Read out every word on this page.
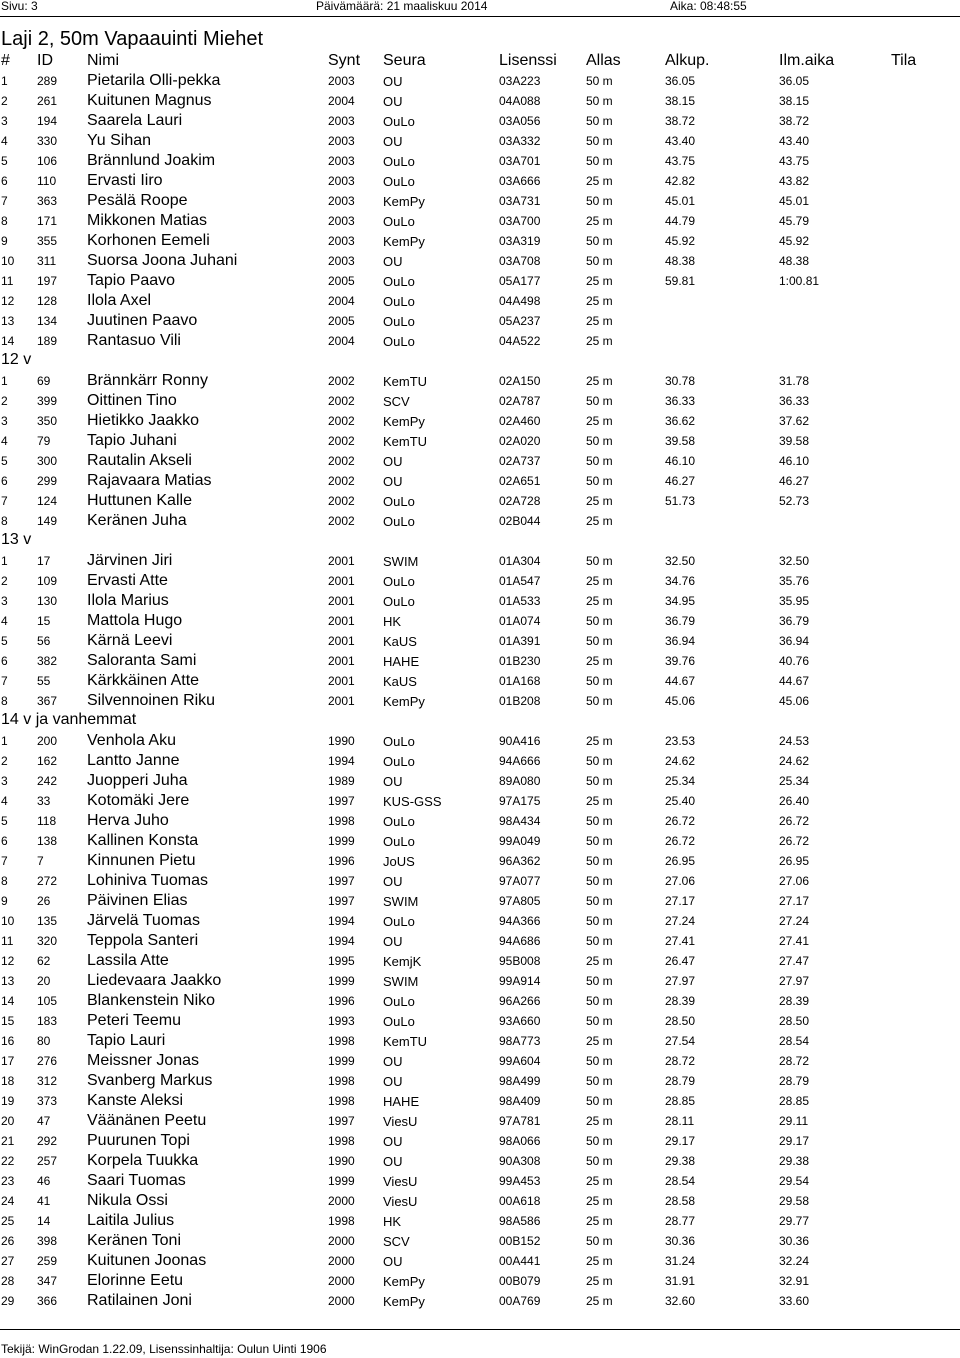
Sivu: 3	Päivämäärä: 21 maaliskuu 2014	Aika: 08:48:55
Laji 2, 50m Vapaauinti Miehet
# ID Nimi	Synt Seura	Lisenssi Allas	Alkup.	Ilm.aika	Tila
1 289 Pietarila Olli-pekka	2003 OU	03A223	50 m	36.05	36.05
2 261 Kuitunen Magnus	2004 OU	04A088	50 m	38.15	38.15
3 194 Saarela Lauri	2003 OuLo	03A056	50 m	38.72	38.72
4 330 Yu Sihan	2003 OU	03A332	50 m	43.40	43.40
5 106 Brännlund Joakim	2003 OuLo	03A701	50 m	43.75	43.75
6 110 Ervasti Iiro	2003 OuLo	03A666	25 m	42.82	43.82
7 363 Pesälä Roope	2003 KemPy	03A731	50 m	45.01	45.01
8 171 Mikkonen Matias	2003 OuLo	03A700	25 m	44.79	45.79
9 355 Korhonen Eemeli	2003 KemPy	03A319	50 m	45.92	45.92
10 311 Suorsa Joona Juhani	2003 OU	03A708	50 m	48.38	48.38
11 197 Tapio Paavo	2005 OuLo	05A177	25 m	59.81	1:00.81
12 128 Ilola Axel	2004 OuLo	04A498	25 m
13 134 Juutinen Paavo	2005 OuLo	05A237	25 m
14 189 Rantasuo Vili	2004 OuLo	04A522	25 m
12 v
1 69 Brännkärr Ronny	2002 KemTU	02A150	25 m	30.78	31.78
2 399 Oittinen Tino	2002 SCV	02A787	50 m	36.33	36.33
3 350 Hietikko Jaakko	2002 KemPy	02A460	25 m	36.62	37.62
4 79 Tapio Juhani	2002 KemTU	02A020	50 m	39.58	39.58
5 300 Rautalin Akseli	2002 OU	02A737	50 m	46.10	46.10
6 299 Rajavaara Matias	2002 OU	02A651	50 m	46.27	46.27
7 124 Huttunen Kalle	2002 OuLo	02A728	25 m	51.73	52.73
8 149 Keränen Juha	2002 OuLo	02B044	25 m
13 v
1 17 Järvinen Jiri	2001 SWIM	01A304	50 m	32.50	32.50
2 109 Ervasti Atte	2001 OuLo	01A547	25 m	34.76	35.76
3 130 Ilola Marius	2001 OuLo	01A533	25 m	34.95	35.95
4 15 Mattola Hugo	2001 HK	01A074	50 m	36.79	36.79
5 56 Kärnä Leevi	2001 KaUS	01A391	50 m	36.94	36.94
6 382 Saloranta Sami	2001 HAHE	01B230	25 m	39.76	40.76
7 55 Kärkkäinen Atte	2001 KaUS	01A168	50 m	44.67	44.67
8 367 Silvennoinen Riku	2001 KemPy	01B208	50 m	45.06	45.06
14 v ja vanhemmat
1 200 Venhola Aku	1990 OuLo	90A416	25 m	23.53	24.53
2 162 Lantto Janne	1994 OuLo	94A666	50 m	24.62	24.62
3 242 Juopperi Juha	1989 OU	89A080	50 m	25.34	25.34
4 33 Kotomäki Jere	1997 KUS-GSS	97A175	25 m	25.40	26.40
5 118 Herva Juho	1998 OuLo	98A434	50 m	26.72	26.72
6 138 Kallinen Konsta	1999 OuLo	99A049	50 m	26.72	26.72
7 7	Kinnunen Pietu	1996 JoUS	96A362	50 m	26.95	26.95
8 272 Lohiniva Tuomas	1997 OU	97A077	50 m	27.06	27.06
9 26 Päivinen Elias	1997 SWIM	97A805	50 m	27.17	27.17
10 135 Järvelä Tuomas	1994 OuLo	94A366	50 m	27.24	27.24
11 320 Teppola Santeri	1994 OU	94A686	50 m	27.41	27.41
12 62 Lassila Atte	1995 KemjK	95B008	25 m	26.47	27.47
13 20 Liedevaara Jaakko	1999 SWIM	99A914	50 m	27.97	27.97
14 105 Blankenstein Niko	1996 OuLo	96A266	50 m	28.39	28.39
15 183 Peteri Teemu	1993 OuLo	93A660	50 m	28.50	28.50
16 80 Tapio Lauri	1998 KemTU	98A773	25 m	27.54	28.54
17 276 Meissner Jonas	1999 OU	99A604	50 m	28.72	28.72
18 312 Svanberg Markus	1998 OU	98A499	50 m	28.79	28.79
19 373 Kanste Aleksi	1998 HAHE	98A409	50 m	28.85	28.85
20 47 Väänänen Peetu	1997 ViesU	97A781	25 m	28.11	29.11
21 292 Puurunen Topi	1998 OU	98A066	50 m	29.17	29.17
22 257 Korpela Tuukka	1990 OU	90A308	50 m	29.38	29.38
23 46 Saari Tuomas	1999 ViesU	99A453	25 m	28.54	29.54
24 41 Nikula Ossi	2000 ViesU	00A618	25 m	28.58	29.58
25 14 Laitila Julius	1998 HK	98A586	25 m	28.77	29.77
26 398 Keränen Toni	2000 SCV	00B152	50 m	30.36	30.36
27 259 Kuitunen Joonas	2000 OU	00A441	25 m	31.24	32.24
28 347 Elorinne Eetu	2000 KemPy	00B079	25 m	31.91	32.91
29 366 Ratilainen Joni	2000 KemPy	00A769	25 m	32.60	33.60
Tekijä: WinGrodan 1.22.09, Lisenssinhaltija: Oulun Uinti 1906
